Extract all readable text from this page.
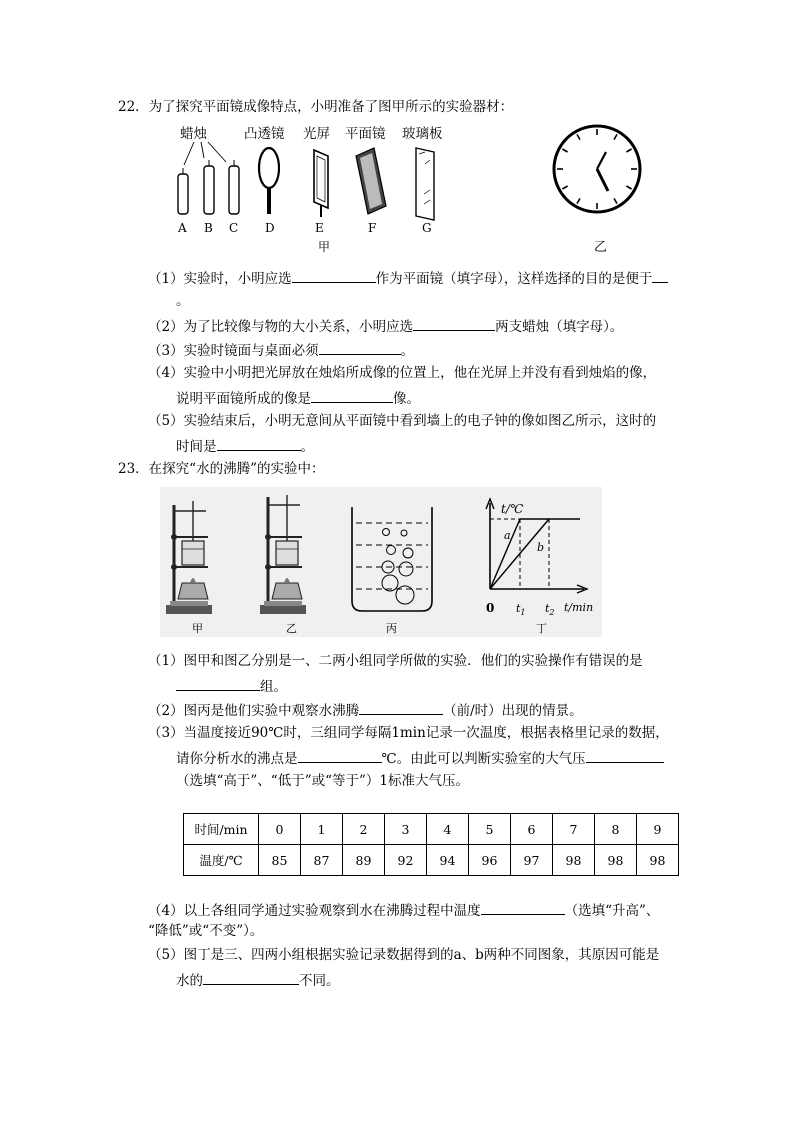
22．为了探究平面镜成像特点，小明准备了图甲所示的实验器材：
蜡烛	凸透镜 光屏 平面镜 玻璃板
A B C D	E	F	G
甲	乙
（1）实验时，小明应选	作为平面镜（填字母），这样选择的目的是便于
。
（2）为了比较像与物的大小关系，小明应选	两支蜡烛（填字母）。
（3）实验时镜面与桌面必须	。
（4）实验中小明把光屏放在烛焰所成像的位置上，他在光屏上并没有看到烛焰的像，
说明平面镜所成的像是	像。
（5）实验结束后，小明无意间从平面镜中看到墙上的电子钟的像如图乙所示，这时的
时间是	。
23．在探究“水的沸腾”的实验中：
t/℃
a
b
0 $t_1$ $t_2$ t/min
甲	乙	丙	丁
（1）图甲和图乙分别是一、二两小组同学所做的实验．他们的实验操作有错误的是
组。
（2）图丙是他们实验中观察水沸腾	（前/时）出现的情景。
（3）当温度接近90℃时，三组同学每隔1min记录一次温度，根据表格里记录的数据，
请你分析水的沸点是	℃。由此可以判断实验室的大气压
（选填“高于”、“低于”或“等于”）1标准大气压。
时间/min	0	1	2	3	4	5	6	7	8	9
温度/℃	85	87	89	92	94	96	97	98	98	98
（4）以上各组同学通过实验观察到水在沸腾过程中温度	（选填“升高”、
“降低”或“不变”）。
（5）图丁是三、四两小组根据实验记录数据得到的a、b两种不同图象，其原因可能是
水的	不同。
